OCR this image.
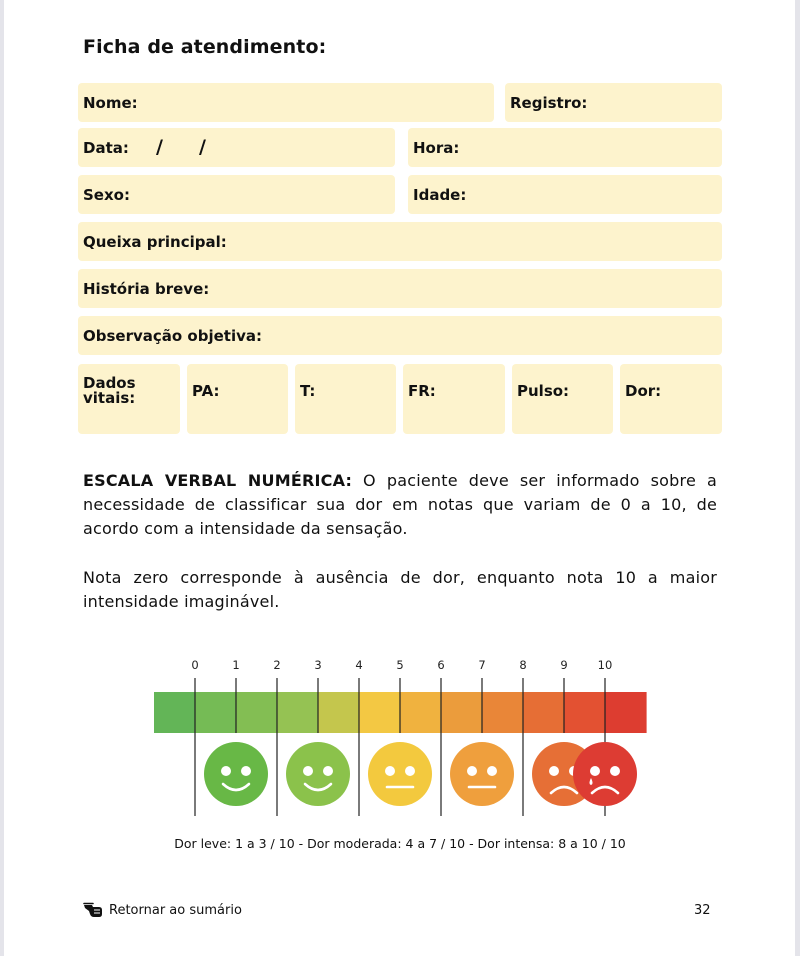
Ficha de atendimento:
Nome:	Registro:
Data: / /	Hora:
Sexo:	Idade:
Queixa principal:
História breve:
Observação objetiva:
Dados
vitais:	PA:	T:	FR:	Pulso:	Dor:
ESCALA VERBAL NUMÉRICA: O paciente deve ser informado sobre a necessidade de classificar sua dor em notas que variam de 0 a 10, de acordo com a intensidade da sensação.
Nota zero corresponde à ausência de dor, enquanto nota 10 a maior intensidade imaginável.
0	1	2	3	4	5	6	7	8	9	10
Dor leve: 1 a 3 / 10 - Dor moderada: 4 a 7 / 10 - Dor intensa: 8 a 10 / 10
Retornar ao sumário	32
